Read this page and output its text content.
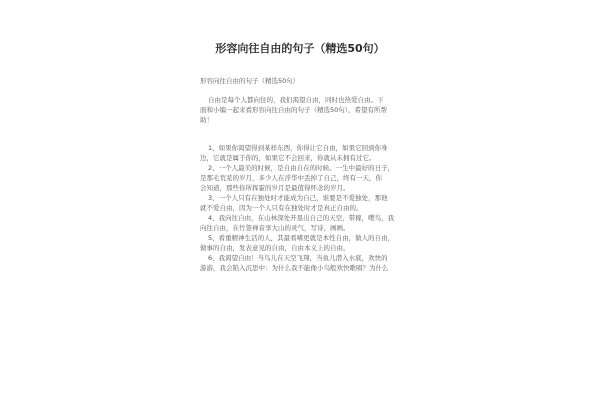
形容向往自由的句子（精选50句）
形容向往自由的句子（精选50句）
自由是每个人都向往的，我们渴望自由，同时也热爱自由。下
面和小编一起来看形容向往自由的句子（精选50句），希望有所帮
助！
1、如果你渴望得到某样东西，你得让它自由，如果它回到你身
边，它就是属于你的，如果它不会回来，你就从未拥有过它。
2、一个人最美的时候，是自由自在的时候。一生中最好的日子，
是那毛荒芜的岁月，多少人在浮华中丢掉了自己，终有一天，你
会知道，那些你所挥霍的岁月是最值得怀念的岁月。
3、一个人只有在独处时才能成为自己，谁要是不爱独处，那他
就不爱自由，因为一个人只有在独处时才是真正自由的。
4、我向往自由，在山林深处开垦出自己的天空，带稼，嘤鸟，我
向往自由，在竹签禅音享大山的灵气，写诗，画画。
5、看重精神生活的人，其最看嗜更就是本性自由，做人的自由，
做事的自由，发表意见的自由，自由本义上的自由。
6、我渴望自由！当鸟儿在天空飞翔，当鱼儿潜入水底，欢快的
游游，我会陷入沉思中：为什么我不能像小鸟般欢快歌唱？为什么
